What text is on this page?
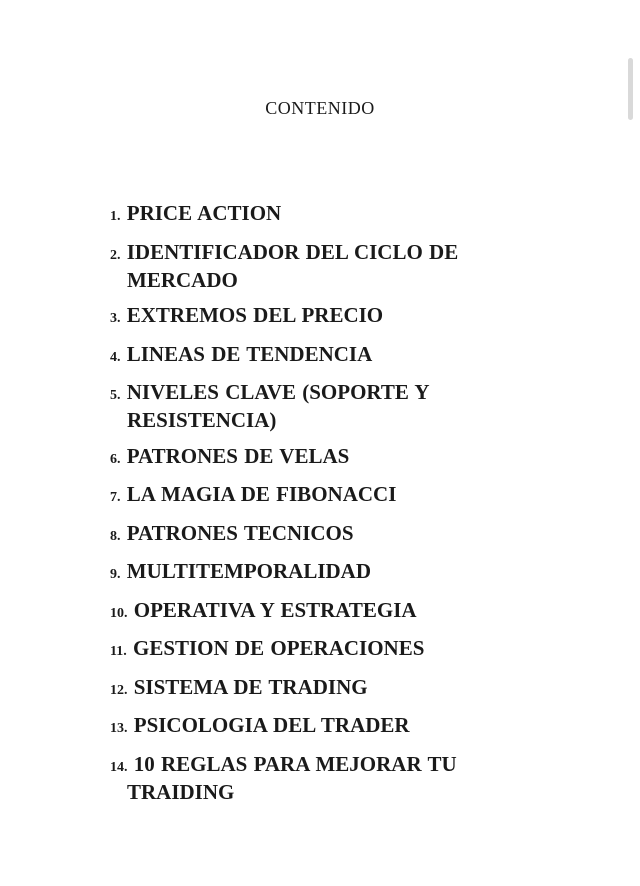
CONTENIDO
1. PRICE ACTION
2. IDENTIFICADOR DEL CICLO DE MERCADO
3. EXTREMOS DEL PRECIO
4. LINEAS DE TENDENCIA
5. NIVELES CLAVE (SOPORTE Y RESISTENCIA)
6. PATRONES DE VELAS
7. LA MAGIA DE FIBONACCI
8. PATRONES TECNICOS
9. MULTITEMPORALIDAD
10. OPERATIVA Y ESTRATEGIA
11. GESTION DE OPERACIONES
12. SISTEMA DE TRADING
13. PSICOLOGIA DEL TRADER
14. 10 REGLAS PARA MEJORAR TU TRAIDING
